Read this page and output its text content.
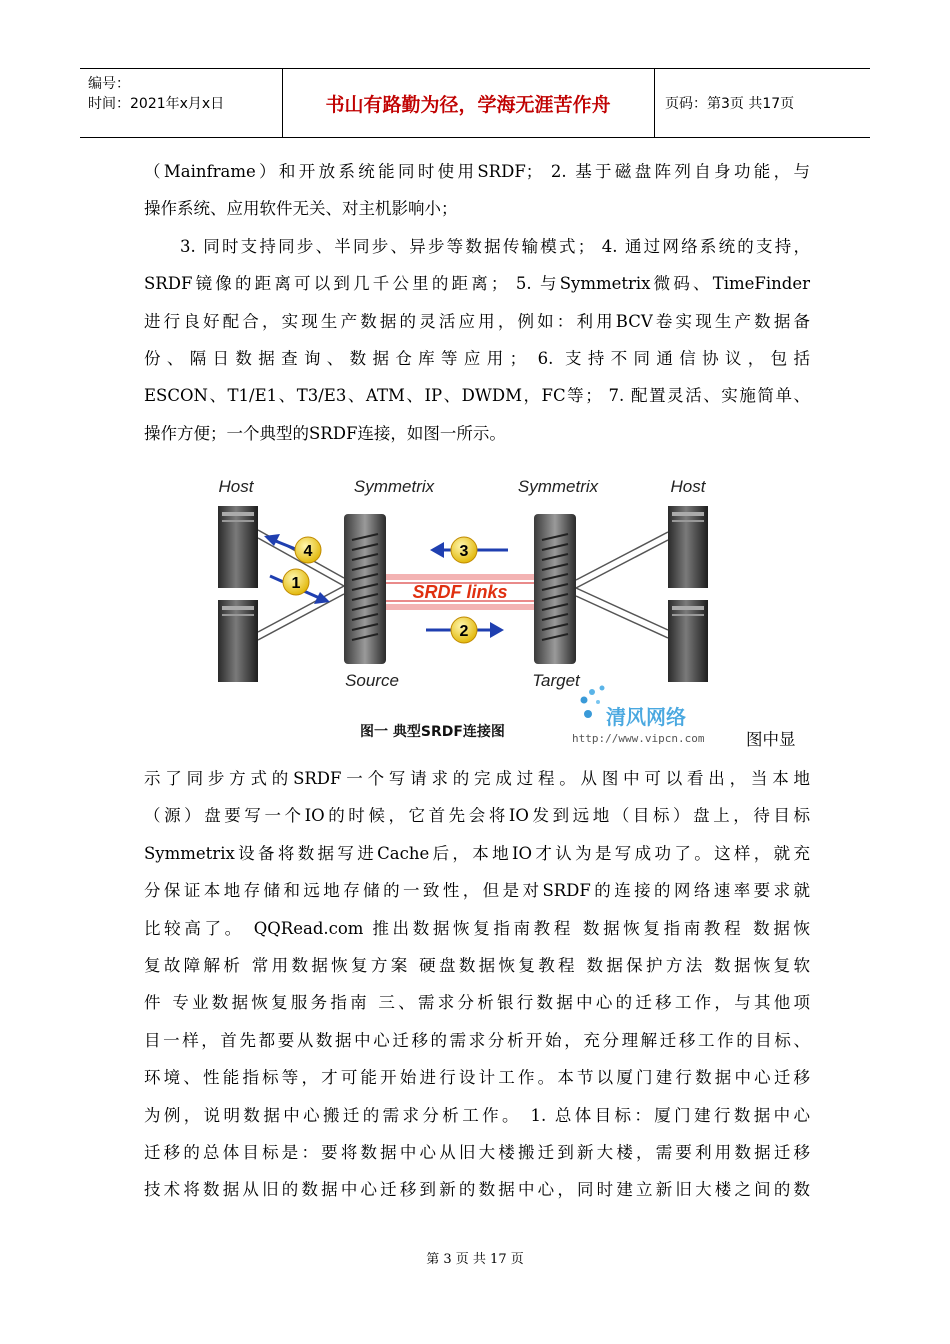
编号：
时间：2021年x月x日	书山有路勤为径，学海无涯苦作舟	页码：第3页 共17页

（Mainframe）和开放系统能同时使用SRDF； 2. 基于磁盘阵列自身功能，与

操作系统、应用软件无关、对主机影响小；

3. 同时支持同步、半同步、异步等数据传输模式； 4. 通过网络系统的支持，

SRDF镜像的距离可以到几千公里的距离； 5. 与Symmetrix微码、TimeFinder

进行良好配合，实现生产数据的灵活应用，例如：利用BCV卷实现生产数据备

份、隔日数据查询、数据仓库等应用； 6. 支持不同通信协议，包括

ESCON、T1/E1、T3/E3、ATM、IP、DWDM，FC等； 7. 配置灵活、实施简单、

操作方便；一个典型的SRDF连接，如图一所示。

SRDF links
4
1
3
2
Host	Symmetrix	Symmetrix	Host
Source	Target
图一 典型SRDF连接图
清风网络
http://www.vipcn.com	图中显

示了同步方式的SRDF一个写请求的完成过程。从图中可以看出，当本地

（源）盘要写一个IO的时候，它首先会将IO发到远地（目标）盘上，待目标

Symmetrix设备将数据写进Cache后，本地IO才认为是写成功了。这样，就充

分保证本地存储和远地存储的一致性，但是对SRDF的连接的网络速率要求就

比较高了。 QQRead.com 推出数据恢复指南教程 数据恢复指南教程 数据恢

复故障解析 常用数据恢复方案 硬盘数据恢复教程 数据保护方法 数据恢复软

件 专业数据恢复服务指南 三、需求分析银行数据中心的迁移工作，与其他项

目一样，首先都要从数据中心迁移的需求分析开始，充分理解迁移工作的目标、

环境、性能指标等，才可能开始进行设计工作。本节以厦门建行数据中心迁移

为例，说明数据中心搬迁的需求分析工作。 1. 总体目标：厦门建行数据中心

迁移的总体目标是：要将数据中心从旧大楼搬迁到新大楼，需要利用数据迁移

技术将数据从旧的数据中心迁移到新的数据中心，同时建立新旧大楼之间的数

第 3 页 共 17 页
